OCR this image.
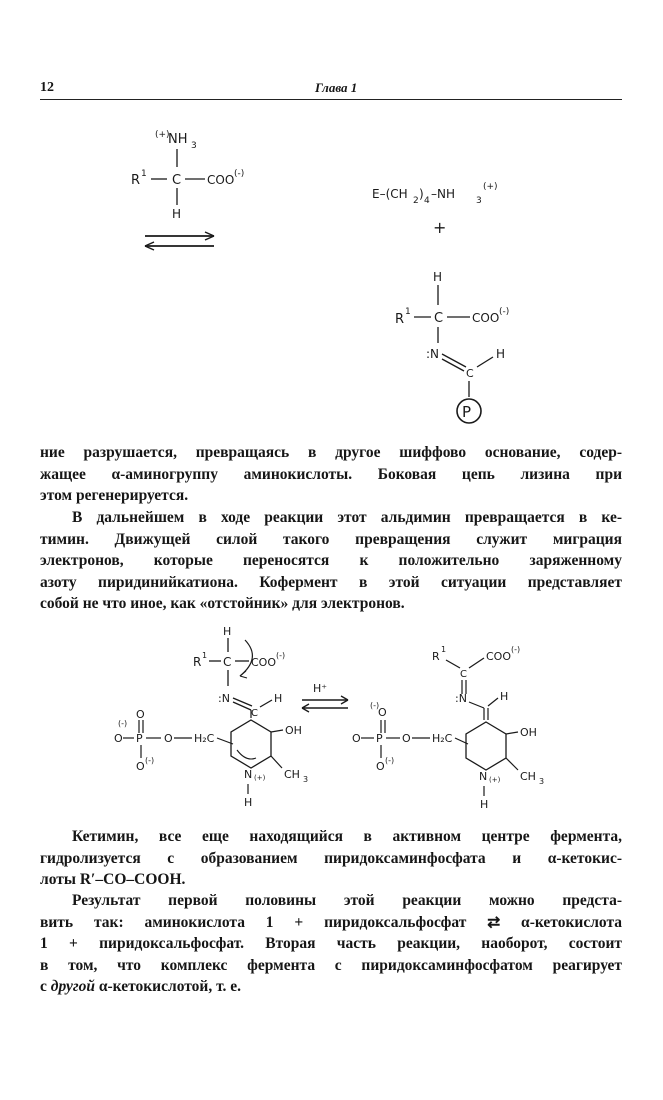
12	Глава 1
(+)
NH 3
R 1 C COO (-)
H
E–(CH 2 ) 4 –NH 3
(+)
+
H
R 1 C COO (-)
:N
C
H
P

ние разрушается, превращаясь в другое шиффово основание, содер-
жащее α-аминогруппу аминокислоты. Боковая цепь лизина при
этом регенерируется.

В дальнейшем в ходе реакции этот альдимин превращается в ке-
тимин. Движущей силой такого превращения служит миграция
электронов, которые переносятся к положительно заряженному
азоту пиридинийкатиона. Кофермент в этой ситуации представляет
собой не что иное, как «отстойник» для электронов.

H
R 1 C COO
(-)
:N
C
H
O
(-)
O P O
O (-)
H₂C
OH
CH 3
N (+)
H
H⁺
R
1
C
COO
(-)
:N	H
(-)
O
O P O
O (-)
H₂C	OH
CH 3
N (+)
H

Кетимин, все еще находящийся в активном центре фермента,
гидролизуется с образованием пиридоксаминфосфата и α-кетокис-
лоты R′–CO–COOH.

Результат первой половины этой реакции можно предста-
вить так: аминокислота 1 + пиридоксальфосфат ⇄ α-кетокислота
1 + пиридоксальфосфат. Вторая часть реакции, наоборот, состоит
в том, что комплекс фермента с пиридоксаминфосфатом реагирует
с другой α-кетокислотой, т. е.
